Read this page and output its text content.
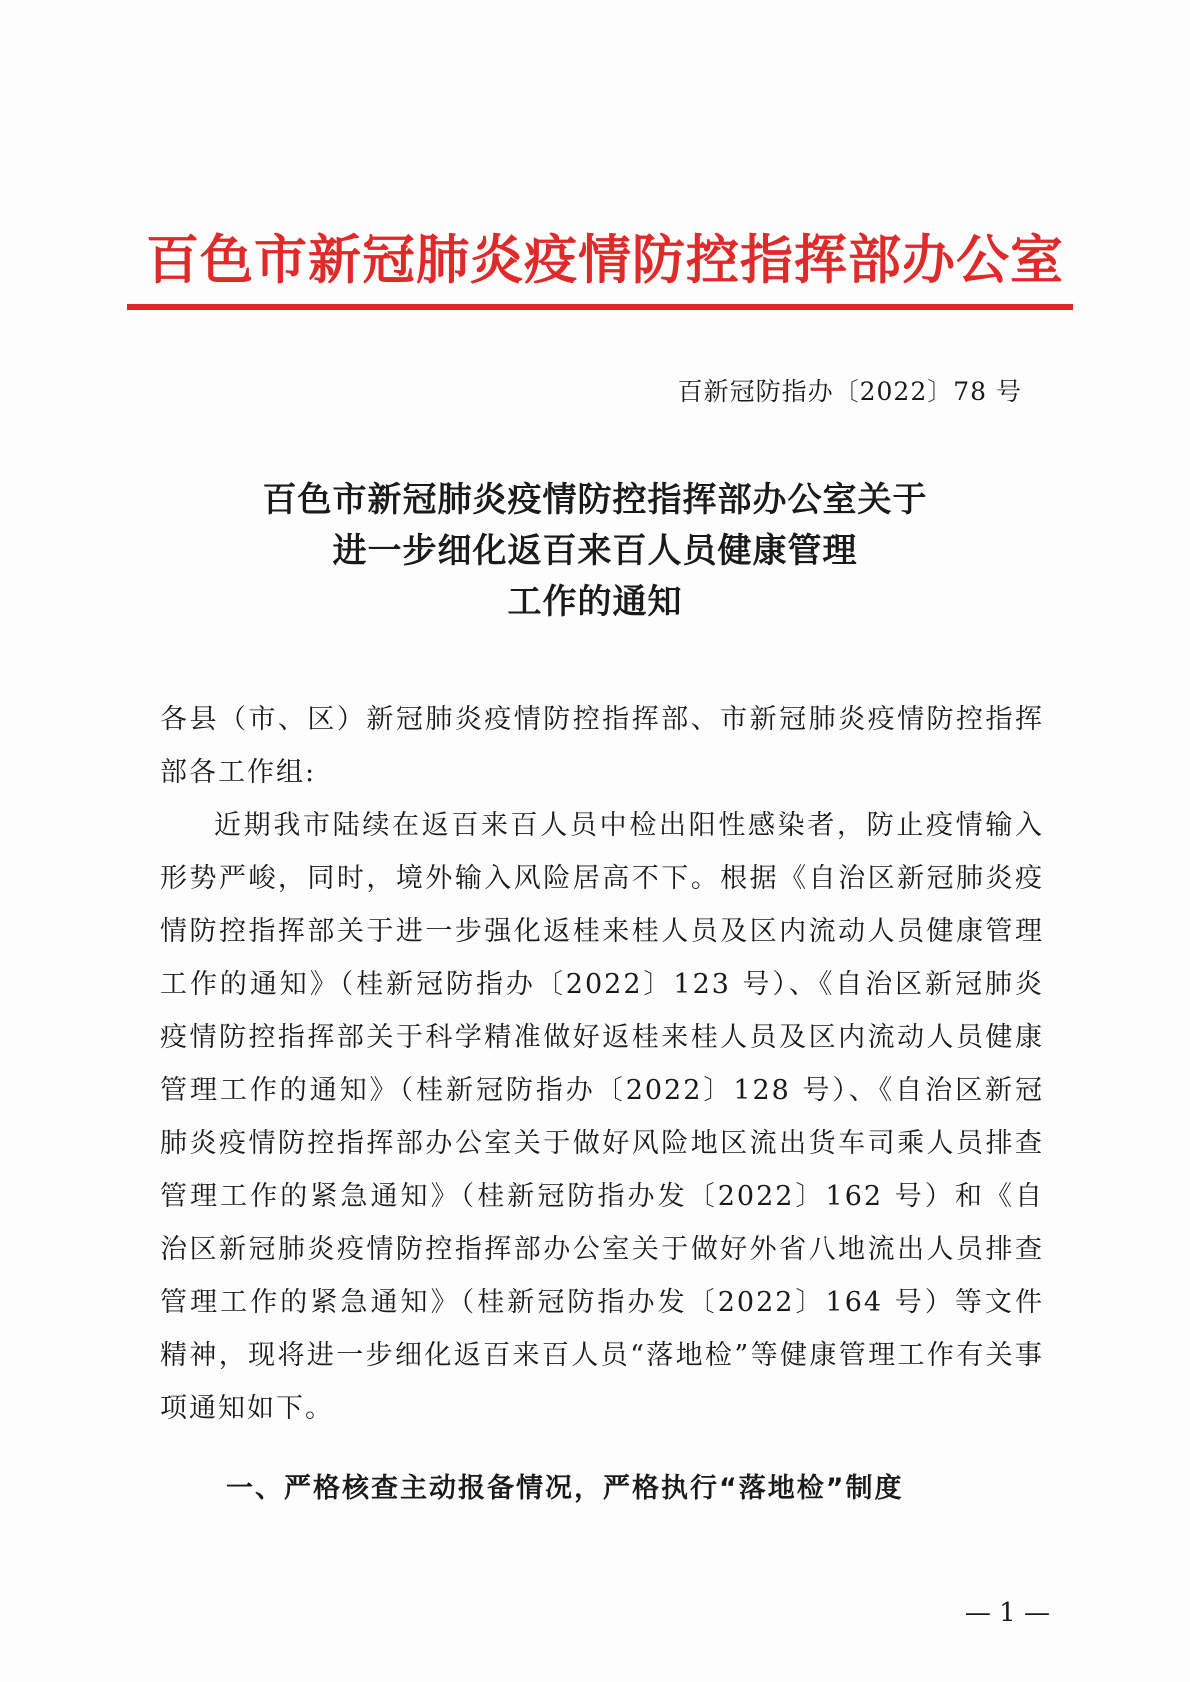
百色市新冠肺炎疫情防控指挥部办公室
百新冠防指办〔2022〕78 号
百色市新冠肺炎疫情防控指挥部办公室关于
进一步细化返百来百人员健康管理
工作的通知

各县（市、区）新冠肺炎疫情防控指挥部、市新冠肺炎疫情防控指挥部各工作组:

近期我市陆续在返百来百人员中检出阳性感染者，防止疫情输入形势严峻，同时，境外输入风险居高不下。根据《自治区新冠肺炎疫情防控指挥部关于进一步强化返桂来桂人员及区内流动人员健康管理工作的通知》（桂新冠防指办〔2022〕123 号）、《自治区新冠肺炎疫情防控指挥部关于科学精准做好返桂来桂人员及区内流动人员健康管理工作的通知》（桂新冠防指办〔2022〕128 号）、《自治区新冠肺炎疫情防控指挥部办公室关于做好风险地区流出货车司乘人员排查管理工作的紧急通知》（桂新冠防指办发〔2022〕162 号）和《自治区新冠肺炎疫情防控指挥部办公室关于做好外省八地流出人员排查管理工作的紧急通知》（桂新冠防指办发〔2022〕164 号）等文件精神，现将进一步细化返百来百人员“落地检”等健康管理工作有关事项通知如下。

一、严格核查主动报备情况，严格执行“落地检”制度
— 1 —
